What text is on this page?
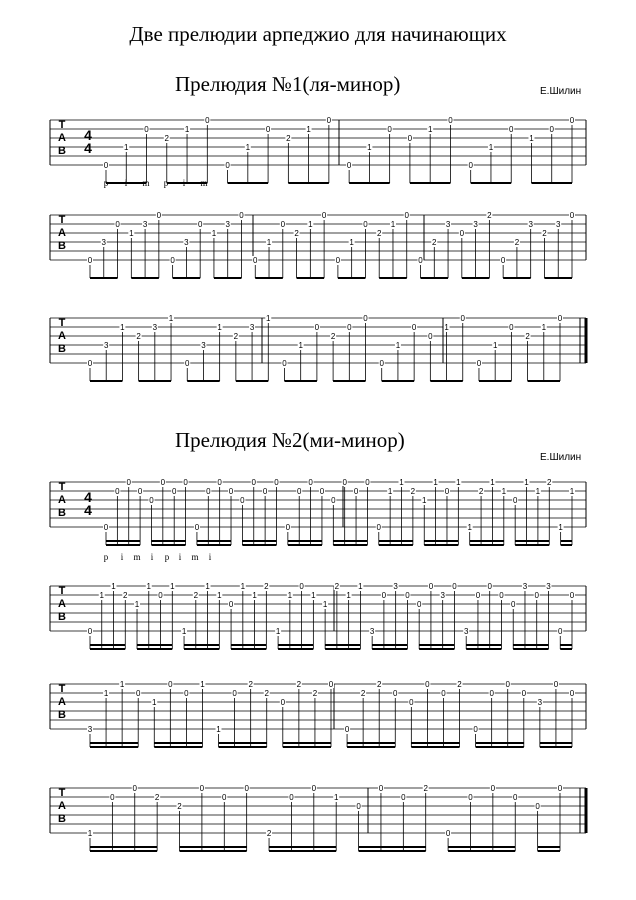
Две прелюдии арпеджио для начинающих
Прелюдия №1(ля-минор)	Е.Шилин
Прелюдия №2(ми-минор)
Е.Шилин
T
A
B
4
4
0
1
0
2
1
0
0
1
0
2
1
0
0
1
0
0
1
0
0
1
0
1
0
0
p i m p i m
T
A
B
0
3
0
1
3
0
0
3
0
1
3
0
0
1
0
2
1
0
0
1
0
2
1
0
0
2
3
0
3
2
0
2
3
2
3
0
T
A
B
0
3
1
2
3
1
0
3
1
2
3
1
0
1
0
2
0
0
0
1
0
0
1
0
0
1
0
2
1
0
T
A
B
4
4
0
0
0
0
0
0
0
0
0
0
0
0
0
0
0
0
0
0
0
0
0
0
0
0
0
1
1
2
1
1
0
1
1
2
1
1
0
1
1
2
1
1
p i m i p i m i
T
A
B
0
1
1
2
1
1
0
1
1
2
1
1
0
1
1
2
1
1
0
1
1
2
1
1
3
0
3
0
0
0
3
0
3
0
0
0
0
3
0
3
0
0
T
A
B
3
1
1
0
1
0
0
1
1
0
2
2
0
2
2
0
0
2
2
0
0
0
0
2
0
0
0
0
3
0
0
T
A
B
1
0
0
2
2
0
0
0
2
0
0
1
0
0
0
2
0
0
0
0
0
0
